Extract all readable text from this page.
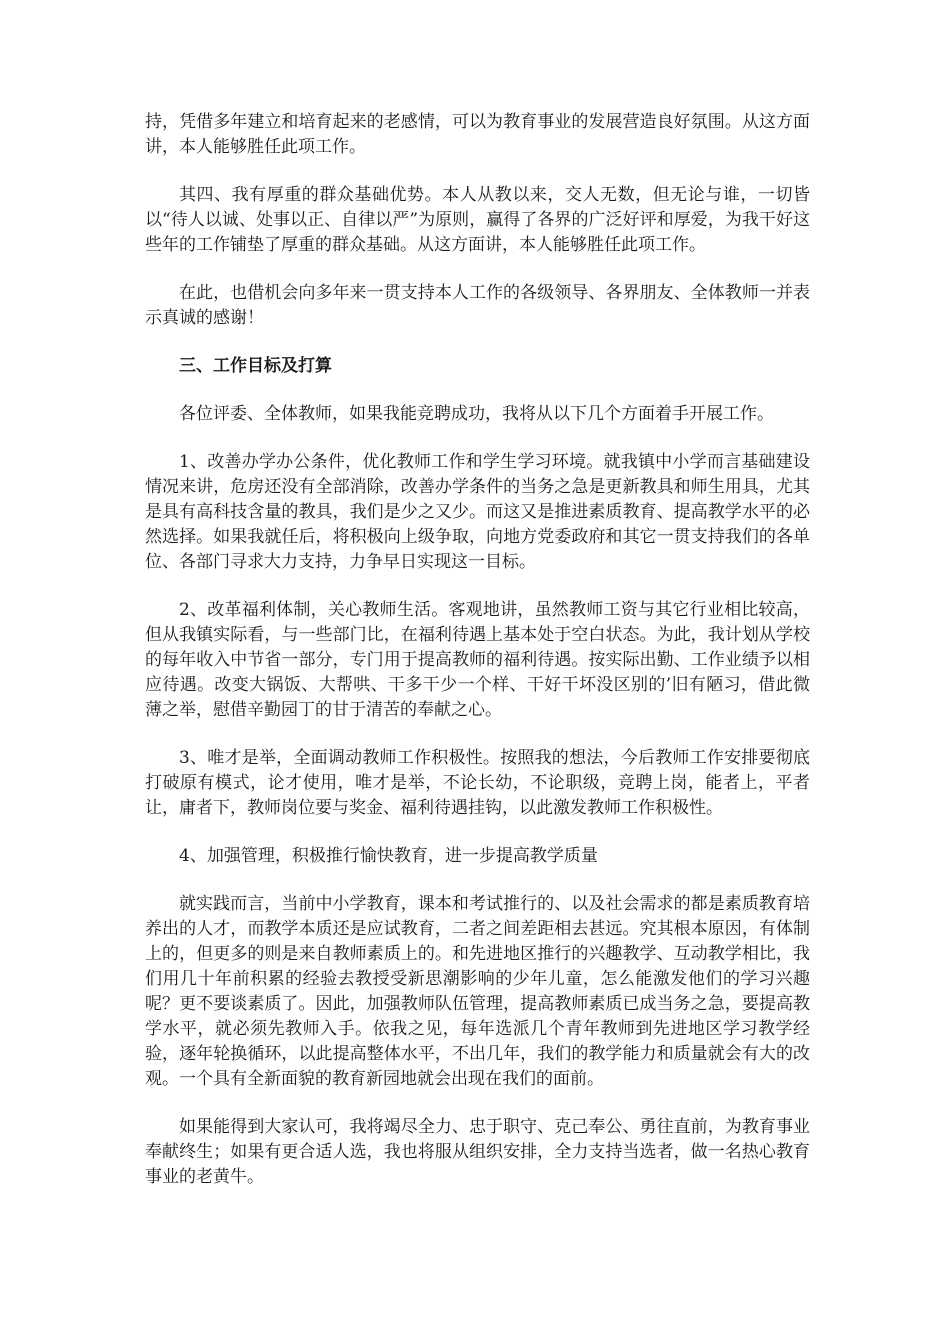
持，凭借多年建立和培育起来的老感情，可以为教育事业的发展营造良好氛围。从这方面讲，本人能够胜任此项工作。

其四、我有厚重的群众基础优势。本人从教以来，交人无数，但无论与谁，一切皆以“待人以诚、处事以正、自律以严”为原则，赢得了各界的广泛好评和厚爱，为我干好这些年的工作铺垫了厚重的群众基础。从这方面讲，本人能够胜任此项工作。

在此，也借机会向多年来一贯支持本人工作的各级领导、各界朋友、全体教师一并表示真诚的感谢！

三、工作目标及打算

各位评委、全体教师，如果我能竞聘成功，我将从以下几个方面着手开展工作。

1、改善办学办公条件，优化教师工作和学生学习环境。就我镇中小学而言基础建设情况来讲，危房还没有全部消除，改善办学条件的当务之急是更新教具和师生用具，尤其是具有高科技含量的教具，我们是少之又少。而这又是推进素质教育、提高教学水平的必然选择。如果我就任后，将积极向上级争取，向地方党委政府和其它一贯支持我们的各单位、各部门寻求大力支持，力争早日实现这一目标。

2、改革福利体制，关心教师生活。客观地讲，虽然教师工资与其它行业相比较高，但从我镇实际看，与一些部门比，在福利待遇上基本处于空白状态。为此，我计划从学校的每年收入中节省一部分，专门用于提高教师的福利待遇。按实际出勤、工作业绩予以相应待遇。改变大锅饭、大帮哄、干多干少一个样、干好干坏没区别的’旧有陋习，借此微薄之举，慰借辛勤园丁的甘于清苦的奉献之心。

3、唯才是举，全面调动教师工作积极性。按照我的想法，今后教师工作安排要彻底打破原有模式，论才使用，唯才是举，不论长幼，不论职级，竞聘上岗，能者上，平者让，庸者下，教师岗位要与奖金、福利待遇挂钩，以此激发教师工作积极性。

4、加强管理，积极推行愉快教育，进一步提高教学质量

就实践而言，当前中小学教育，课本和考试推行的、以及社会需求的都是素质教育培养出的人才，而教学本质还是应试教育，二者之间差距相去甚远。究其根本原因，有体制上的，但更多的则是来自教师素质上的。和先进地区推行的兴趣教学、互动教学相比，我们用几十年前积累的经验去教授受新思潮影响的少年儿童，怎么能激发他们的学习兴趣呢？更不要谈素质了。因此，加强教师队伍管理，提高教师素质已成当务之急，要提高教学水平，就必须先教师入手。依我之见，每年选派几个青年教师到先进地区学习教学经验，逐年轮换循环，以此提高整体水平，不出几年，我们的教学能力和质量就会有大的改观。一个具有全新面貌的教育新园地就会出现在我们的面前。

如果能得到大家认可，我将竭尽全力、忠于职守、克己奉公、勇往直前，为教育事业奉献终生；如果有更合适人选，我也将服从组织安排，全力支持当选者，做一名热心教育事业的老黄牛。
